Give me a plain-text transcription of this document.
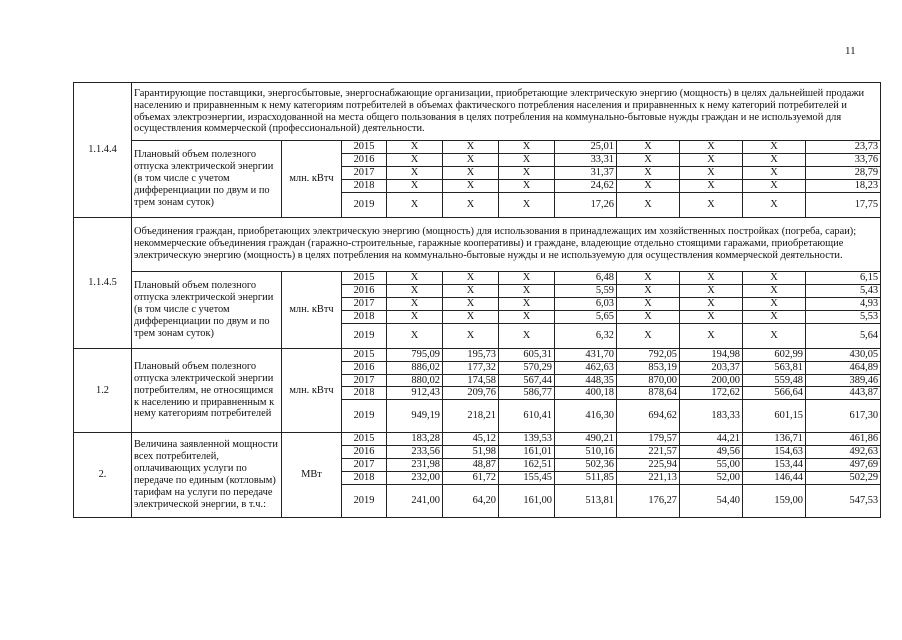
11
1.1.4.4	Гарантирующие поставщики, энергосбытовые, энергоснабжающие организации, приобретающие электрическую энергию (мощность) в целях дальнейшей продажи населению и приравненным к нему категориям потребителей в объемах фактического потребления населения и приравненных к нему категорий потребителей и объемах электроэнергии, израсходованной на места общего пользования в целях потребления на коммунально-бытовые нужды граждан и не используемой для осуществления коммерческой (профессиональной) деятельности.										
	Плановый объем полезного отпуска электрической энергии (в том числе с учетом дифференциации по двум и по трем зонам суток)	млн. кВтч	2015	X	X	X	25,01	X	X	X	23,73
			2016	X	X	X	33,31	X	X	X	33,76
			2017	X	X	X	31,37	X	X	X	28,79
			2018	X	X	X	24,62	X	X	X	18,23
			2019	X	X	X	17,26	X	X	X	17,75
1.1.4.5	Объединения граждан, приобретающих электрическую энергию (мощность) для использования в принадлежащих им хозяйственных постройках (погреба, сараи); некоммерческие объединения граждан (гаражно-строительные, гаражные кооперативы) и граждане, владеющие отдельно стоящими гаражами, приобретающие электрическую энергию (мощность) в целях потребления на коммунально-бытовые нужды и не используемую для осуществления коммерческой деятельности.										
	Плановый объем полезного отпуска электрической энергии (в том числе с учетом дифференциации по двум и по трем зонам суток)	млн. кВтч	2015	X	X	X	6,48	X	X	X	6,15
			2016	X	X	X	5,59	X	X	X	5,43
			2017	X	X	X	6,03	X	X	X	4,93
			2018	X	X	X	5,65	X	X	X	5,53
			2019	X	X	X	6,32	X	X	X	5,64
1.2	Плановый объем полезного отпуска электрической энергии потребителям, не относящимся к населению и приравненным к нему категориям потребителей	млн. кВтч	2015	795,09	195,73	605,31	431,70	792,05	194,98	602,99	430,05
			2016	886,02	177,32	570,29	462,63	853,19	203,37	563,81	464,89
			2017	880,02	174,58	567,44	448,35	870,00	200,00	559,48	389,46
			2018	912,43	209,76	586,77	400,18	878,64	172,62	566,64	443,87
			2019	949,19	218,21	610,41	416,30	694,62	183,33	601,15	617,30
2.	Величина заявленной мощности всех потребителей, оплачивающих услуги по передаче по единым (котловым) тарифам на услуги по передаче электрической энергии, в т.ч.:	МВт	2015	183,28	45,12	139,53	490,21	179,57	44,21	136,71	461,86
			2016	233,56	51,98	161,01	510,16	221,57	49,56	154,63	492,63
			2017	231,98	48,87	162,51	502,36	225,94	55,00	153,44	497,69
			2018	232,00	61,72	155,45	511,85	221,13	52,00	146,44	502,29
			2019	241,00	64,20	161,00	513,81	176,27	54,40	159,00	547,53
